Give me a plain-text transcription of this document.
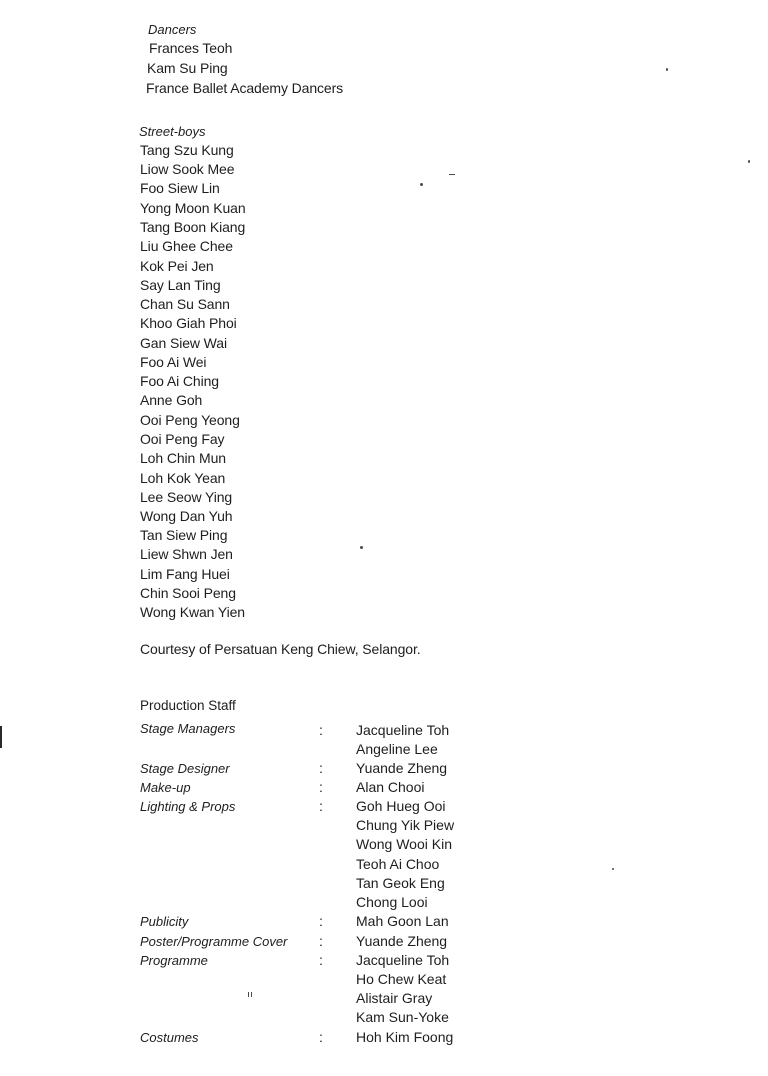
Dancers
Frances Teoh
Kam Su Ping
France Ballet Academy Dancers
Street-boys
Tang Szu Kung
Liow Sook Mee
Foo Siew Lin
Yong Moon Kuan
Tang Boon Kiang
Liu Ghee Chee
Kok Pei Jen
Say Lan Ting
Chan Su Sann
Khoo Giah Phoi
Gan Siew Wai
Foo Ai Wei
Foo Ai Ching
Anne Goh
Ooi Peng Yeong
Ooi Peng Fay
Loh Chin Mun
Loh Kok Yean
Lee Seow Ying
Wong Dan Yuh
Tan Siew Ping
Liew Shwn Jen
Lim Fang Huei
Chin Sooi Peng
Wong Kwan Yien
Courtesy of Persatuan Keng Chiew, Selangor.
Production Staff
Stage Managers	: Jacqueline Toh
Angeline Lee
Stage Designer	: Yuande Zheng
Make-up	: Alan Chooi
Lighting & Props	: Goh Hueg Ooi
Chung Yik Piew
Wong Wooi Kin
Teoh Ai Choo
Tan Geok Eng
Chong Looi
Publicity	: Mah Goon Lan
Poster/Programme Cover : Yuande Zheng
Programme	: Jacqueline Toh
Ho Chew Keat
Alistair Gray
Kam Sun-Yoke
Costumes	: Hoh Kim Foong
